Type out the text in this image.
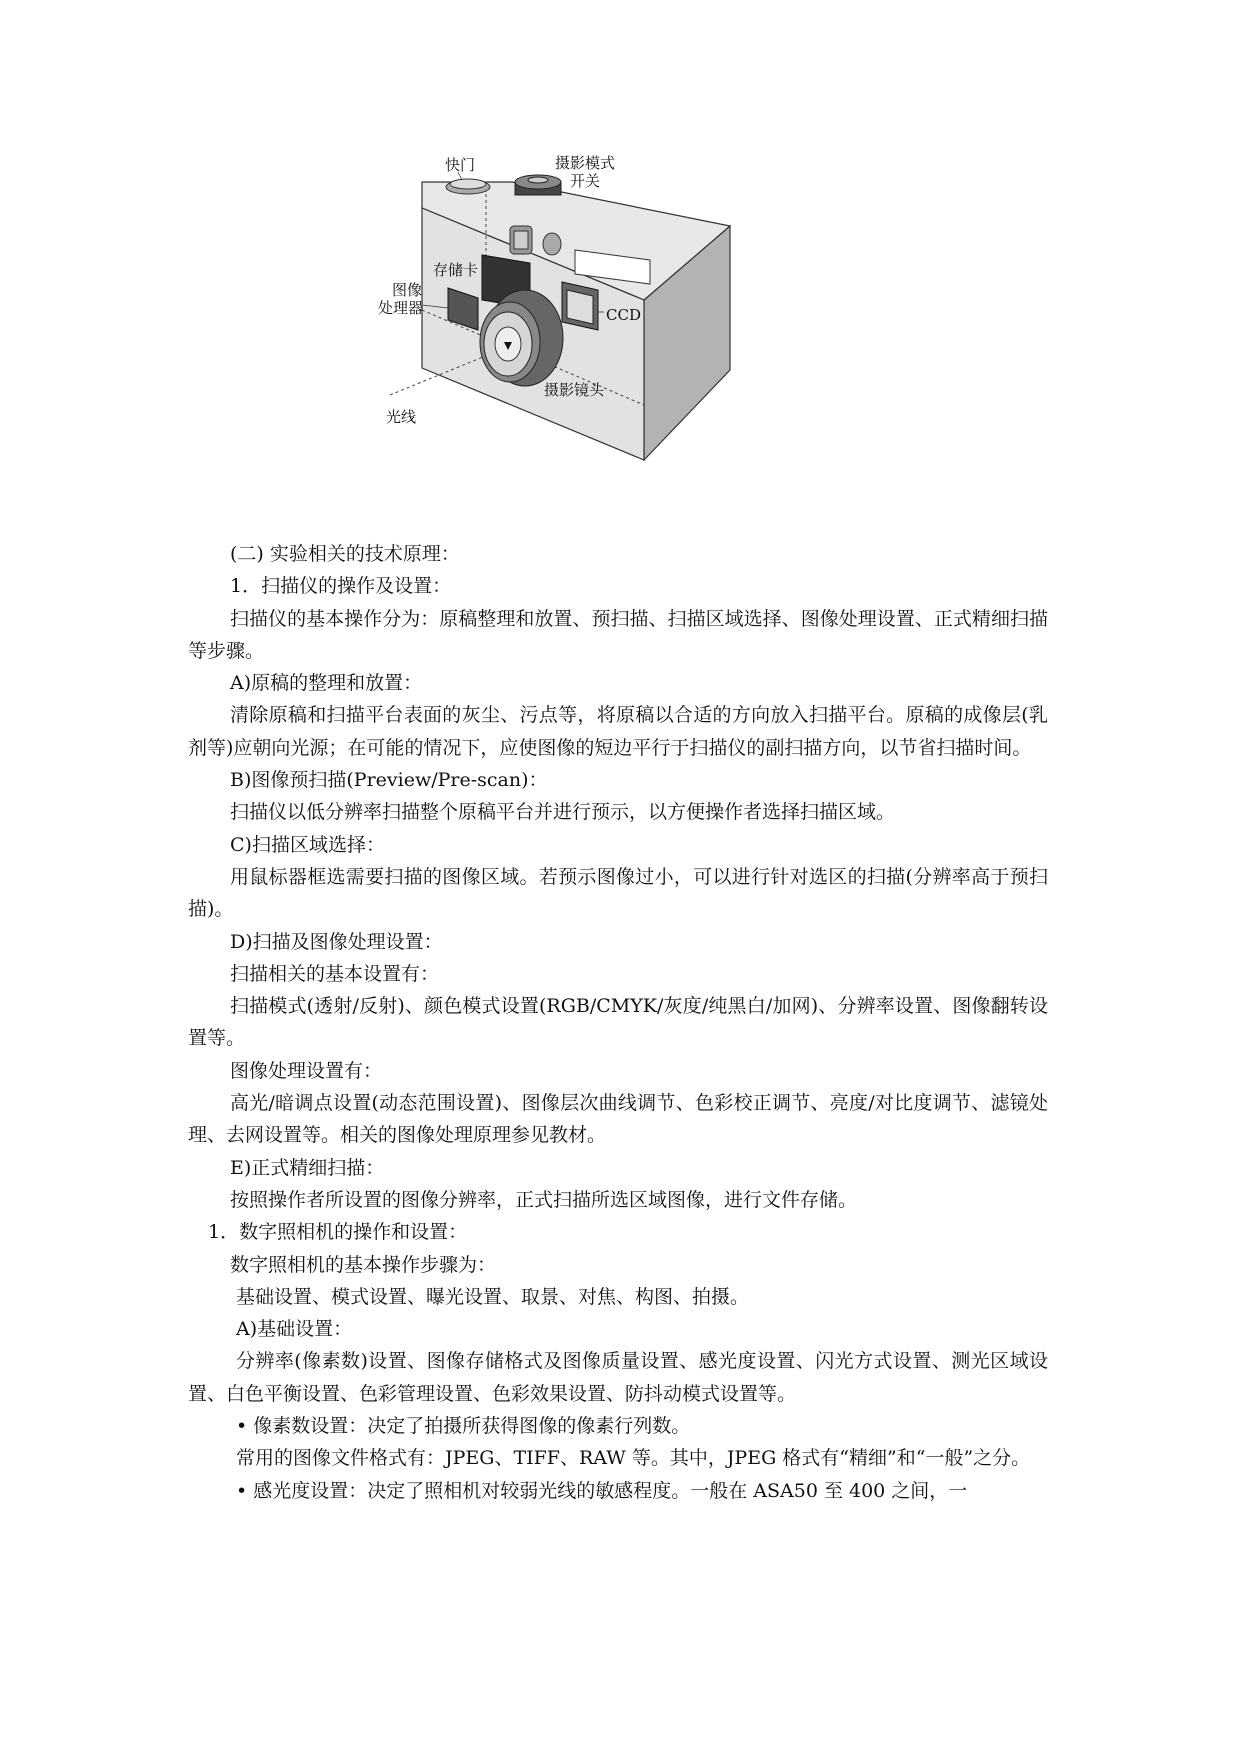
快门	摄影模式
开关
存储卡
图像
处理器	CCD
摄影镜头
光线

(二) 实验相关的技术原理：

1．扫描仪的操作及设置：

扫描仪的基本操作分为：原稿整理和放置、预扫描、扫描区域选择、图像处理设置、正式精细扫描等步骤。

A)原稿的整理和放置：

清除原稿和扫描平台表面的灰尘、污点等，将原稿以合适的方向放入扫描平台。原稿的成像层(乳剂等)应朝向光源；在可能的情况下，应使图像的短边平行于扫描仪的副扫描方向，以节省扫描时间。

B)图像预扫描(Preview/Pre-scan)：

扫描仪以低分辨率扫描整个原稿平台并进行预示，以方便操作者选择扫描区域。

C)扫描区域选择：

用鼠标器框选需要扫描的图像区域。若预示图像过小，可以进行针对选区的扫描(分辨率高于预扫描)。

D)扫描及图像处理设置：

扫描相关的基本设置有：

扫描模式(透射/反射)、颜色模式设置(RGB/CMYK/灰度/纯黑白/加网)、分辨率设置、图像翻转设置等。

图像处理设置有：

高光/暗调点设置(动态范围设置)、图像层次曲线调节、色彩校正调节、亮度/对比度调节、滤镜处理、去网设置等。相关的图像处理原理参见教材。

E)正式精细扫描：

按照操作者所设置的图像分辨率，正式扫描所选区域图像，进行文件存储。

1．数字照相机的操作和设置：

数字照相机的基本操作步骤为：

基础设置、模式设置、曝光设置、取景、对焦、构图、拍摄。

A)基础设置：

分辨率(像素数)设置、图像存储格式及图像质量设置、感光度设置、闪光方式设置、测光区域设置、白色平衡设置、色彩管理设置、色彩效果设置、防抖动模式设置等。

• 像素数设置：决定了拍摄所获得图像的像素行列数。

常用的图像文件格式有：JPEG、TIFF、RAW 等。其中，JPEG 格式有“精细”和“一般”之分。

• 感光度设置：决定了照相机对较弱光线的敏感程度。一般在 ASA50 至 400 之间，一
